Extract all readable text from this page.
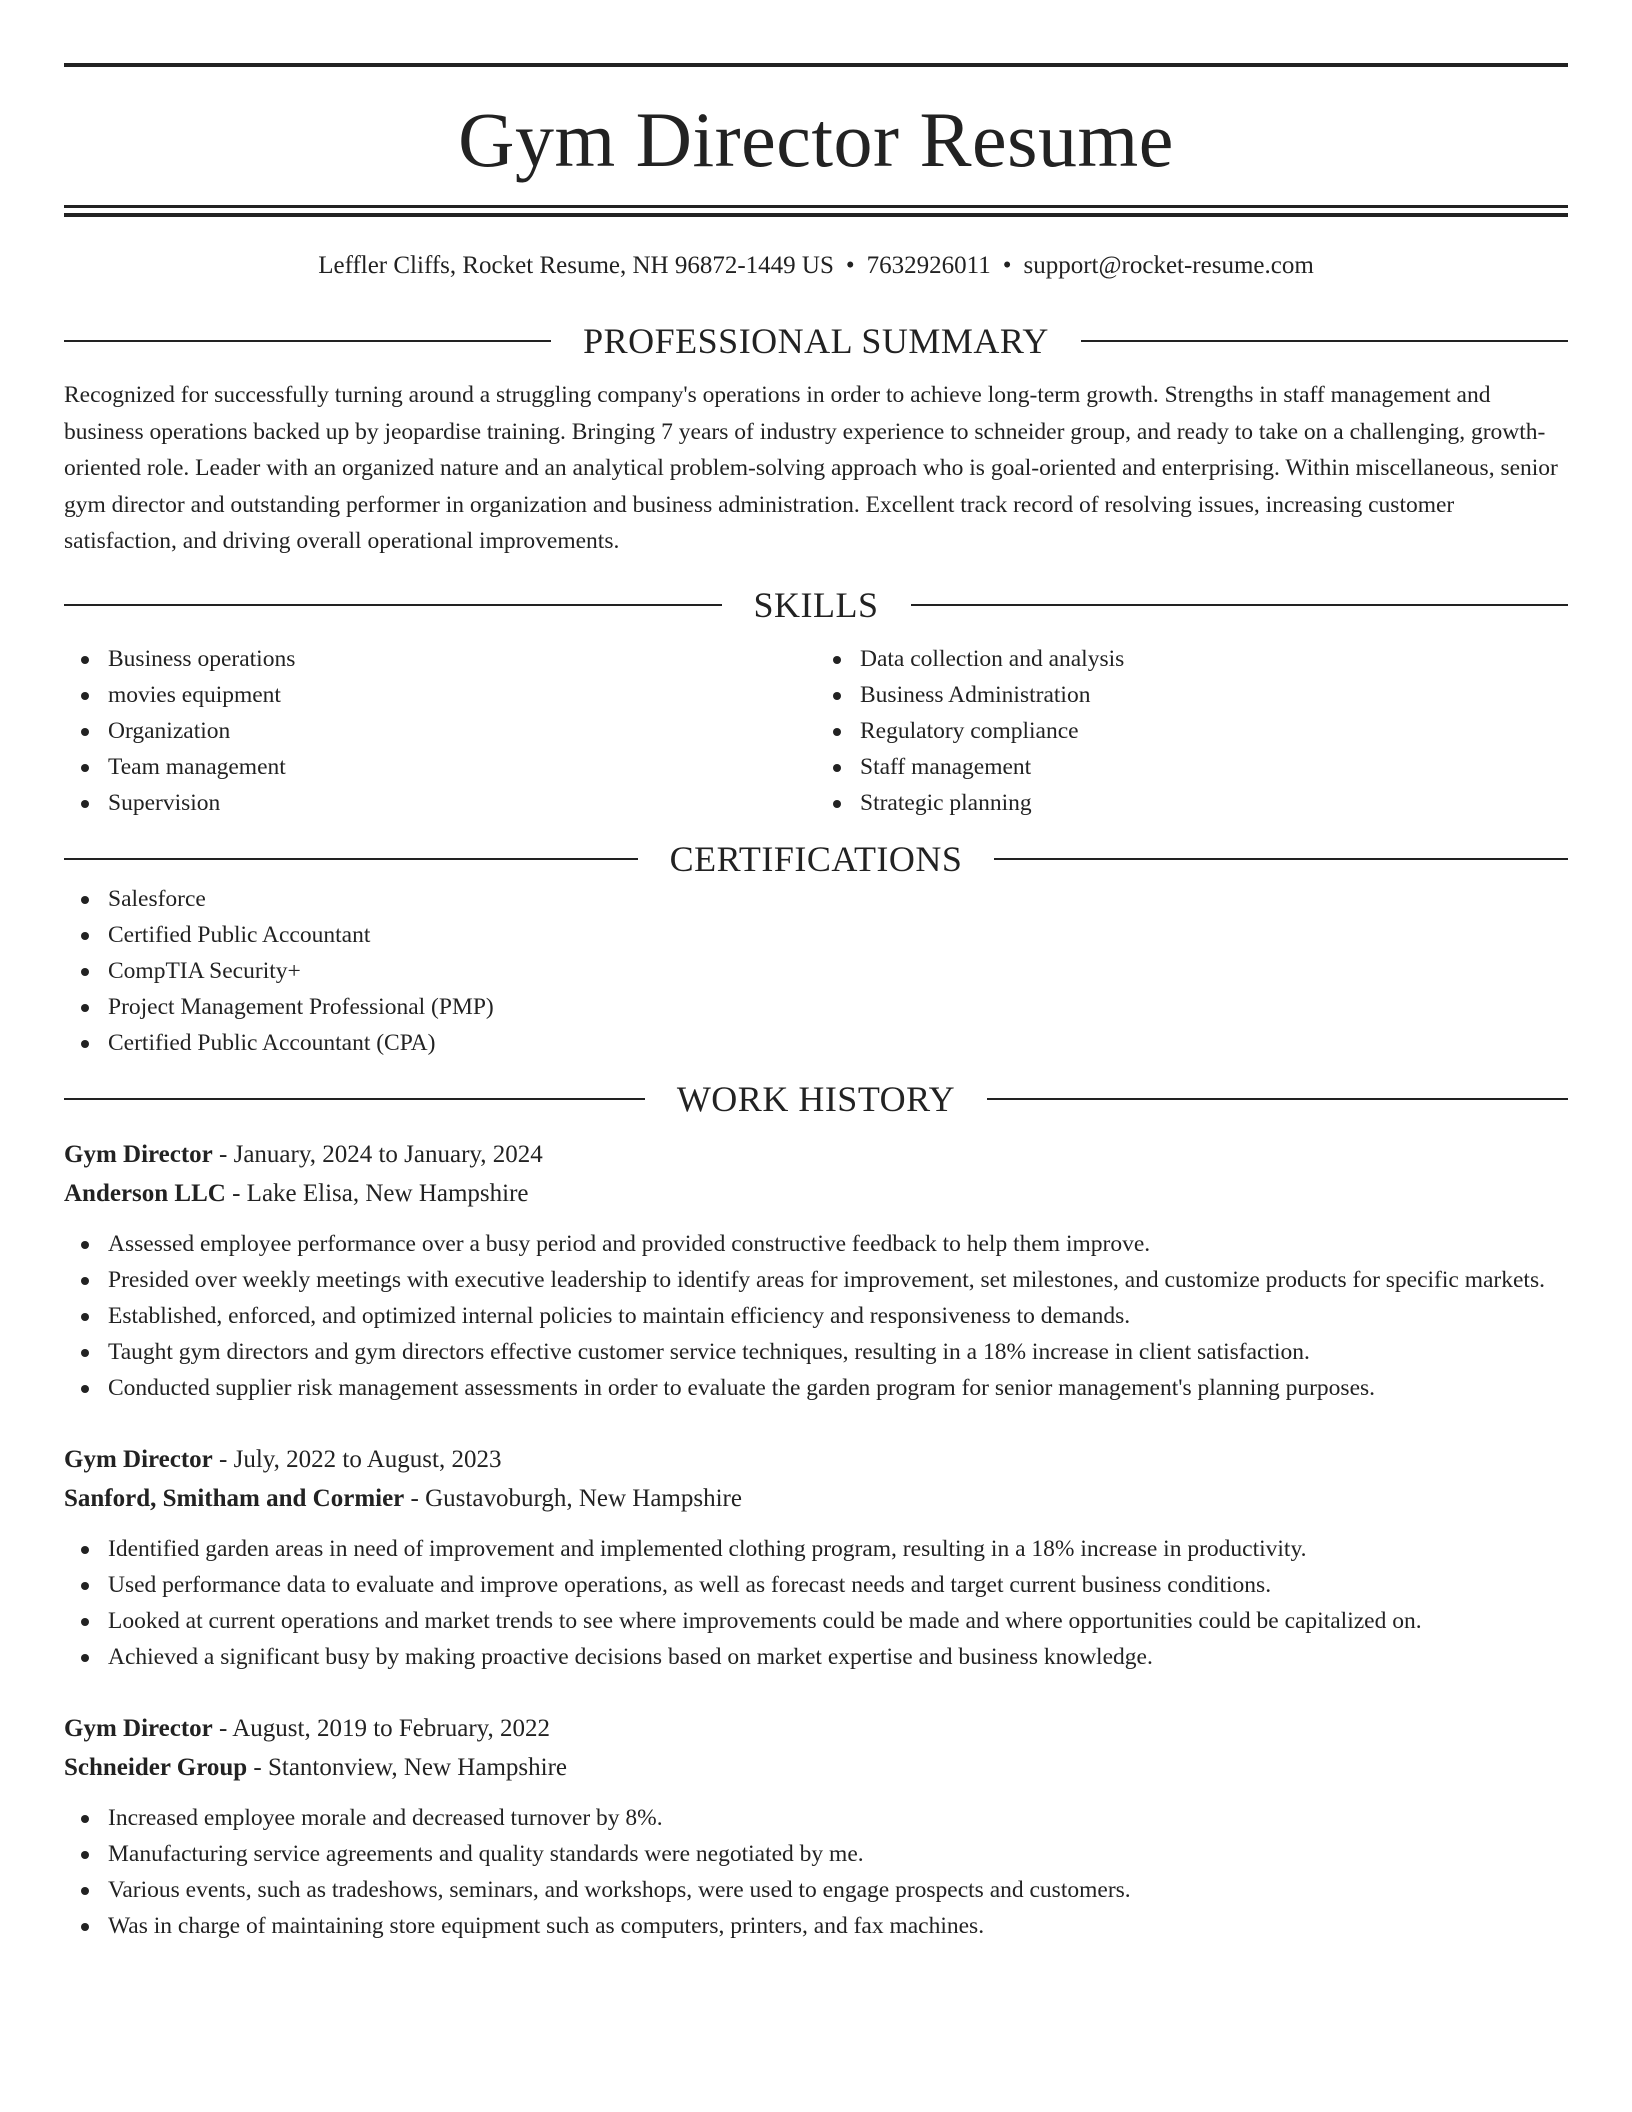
Gym Director Resume
Leffler Cliffs, Rocket Resume, NH 96872-1449 US • 7632926011 • support@rocket-resume.com
PROFESSIONAL SUMMARY

Recognized for successfully turning around a struggling company's operations in order to achieve long-term growth. Strengths in staff management and business operations backed up by jeopardise training. Bringing 7 years of industry experience to schneider group, and ready to take on a challenging, growth-oriented role. Leader with an organized nature and an analytical problem-solving approach who is goal-oriented and enterprising. Within miscellaneous, senior gym director and outstanding performer in organization and business administration. Excellent track record of resolving issues, increasing customer satisfaction, and driving overall operational improvements.

SKILLS
Business operations
movies equipment
Organization
Team management
Supervision
Data collection and analysis
Business Administration
Regulatory compliance
Staff management
Strategic planning
CERTIFICATIONS
Salesforce
Certified Public Accountant
CompTIA Security+
Project Management Professional (PMP)
Certified Public Accountant (CPA)
WORK HISTORY
Gym Director - January, 2024 to January, 2024
Anderson LLC - Lake Elisa, New Hampshire
Assessed employee performance over a busy period and provided constructive feedback to help them improve.
Presided over weekly meetings with executive leadership to identify areas for improvement, set milestones, and customize products for specific markets.
Established, enforced, and optimized internal policies to maintain efficiency and responsiveness to demands.
Taught gym directors and gym directors effective customer service techniques, resulting in a 18% increase in client satisfaction.
Conducted supplier risk management assessments in order to evaluate the garden program for senior management's planning purposes.
Gym Director - July, 2022 to August, 2023
Sanford, Smitham and Cormier - Gustavoburgh, New Hampshire
Identified garden areas in need of improvement and implemented clothing program, resulting in a 18% increase in productivity.
Used performance data to evaluate and improve operations, as well as forecast needs and target current business conditions.
Looked at current operations and market trends to see where improvements could be made and where opportunities could be capitalized on.
Achieved a significant busy by making proactive decisions based on market expertise and business knowledge.
Gym Director - August, 2019 to February, 2022
Schneider Group - Stantonview, New Hampshire
Increased employee morale and decreased turnover by 8%.
Manufacturing service agreements and quality standards were negotiated by me.
Various events, such as tradeshows, seminars, and workshops, were used to engage prospects and customers.
Was in charge of maintaining store equipment such as computers, printers, and fax machines.
